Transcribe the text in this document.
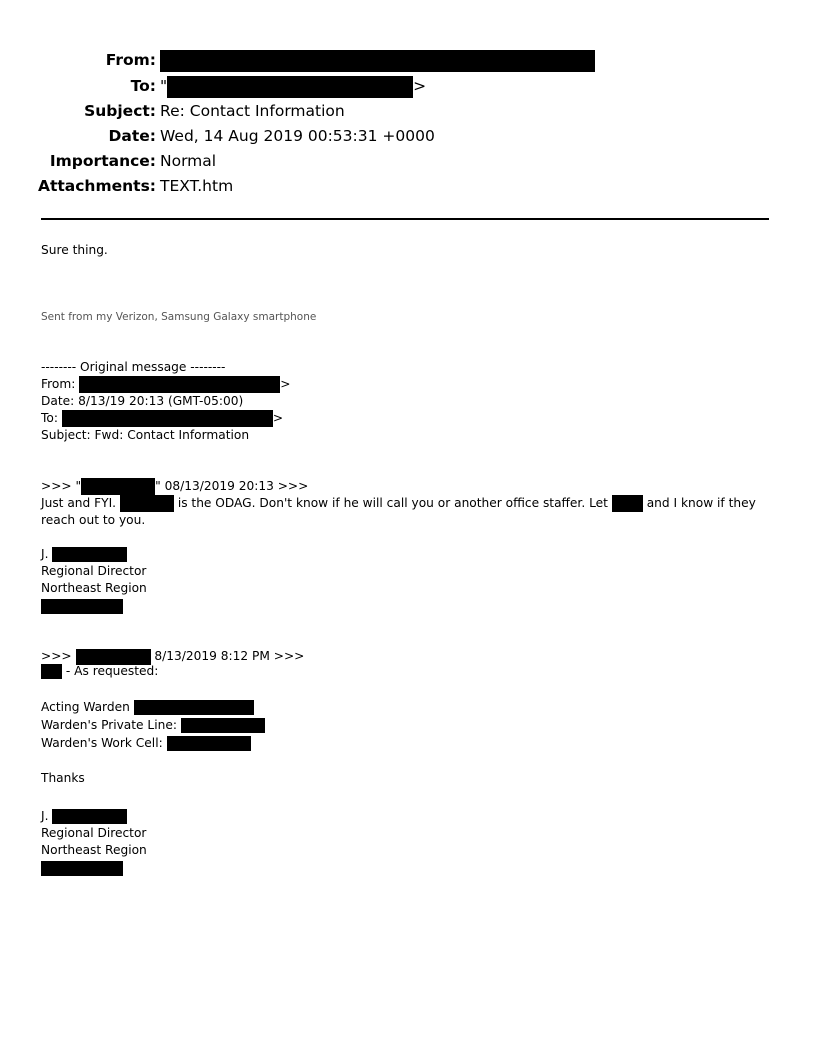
From:
To: "	>
Subject: Re: Contact Information
Date: Wed, 14 Aug 2019 00:53:31 +0000
Importance: Normal
Attachments: TEXT.htm
Sure thing.
Sent from my Verizon, Samsung Galaxy smartphone
-------- Original message --------
From:	>
Date: 8/13/19 20:13 (GMT-05:00)
To:	>
Subject: Fwd: Contact Information
>>> "	" 08/13/2019 20:13 >>>
Just and FYI.	is the ODAG. Don't know if he will call you or another office staffer. Let	and I know if they
reach out to you.
J.
Regional Director
Northeast Region
>>>	8/13/2019 8:12 PM >>>
- As requested:
Acting Warden
Warden's Private Line:
Warden's Work Cell:
Thanks
J.
Regional Director
Northeast Region
